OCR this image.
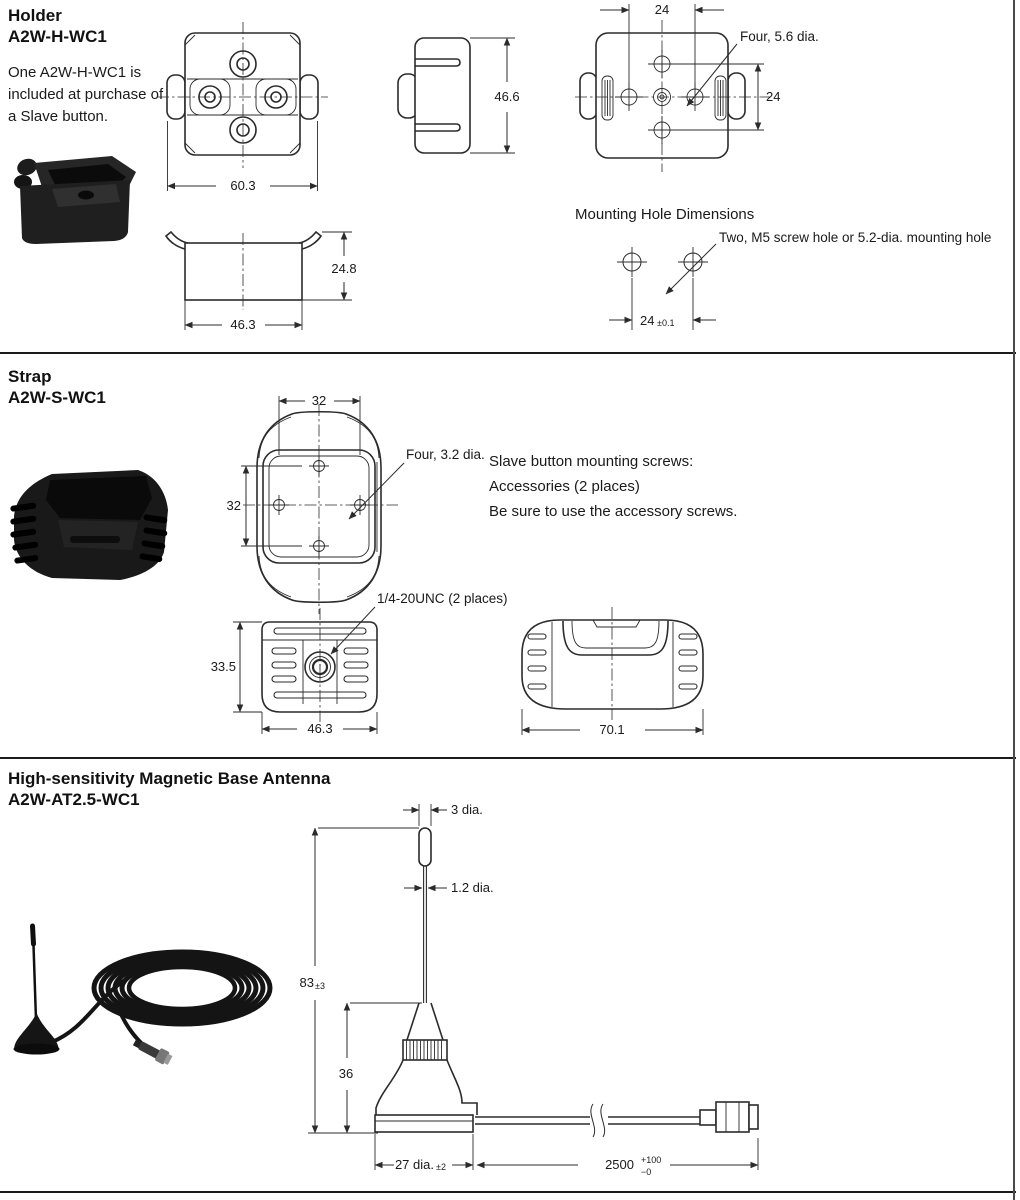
Holder
A2W-H-WC1
One A2W-H-WC1 is included at purchase of a Slave button.
Mounting Hole Dimensions
60.3
24.8
46.3
46.6
24
24
Four, 5.6 dia.
Two, M5 screw hole or 5.2-dia. mounting hole
24 ±0.1
Strap
A2W-S-WC1
Slave button mounting screws:
Accessories (2 places)
Be sure to use the accessory screws.
32
32
Four, 3.2 dia.
1/4-20UNC (2 places)
33.5
46.3	70.1
High-sensitivity Magnetic Base Antenna
A2W-AT2.5-WC1
3 dia.
1.2 dia.
83 ±3
36
27 dia. ±2	2500 +100
−0
